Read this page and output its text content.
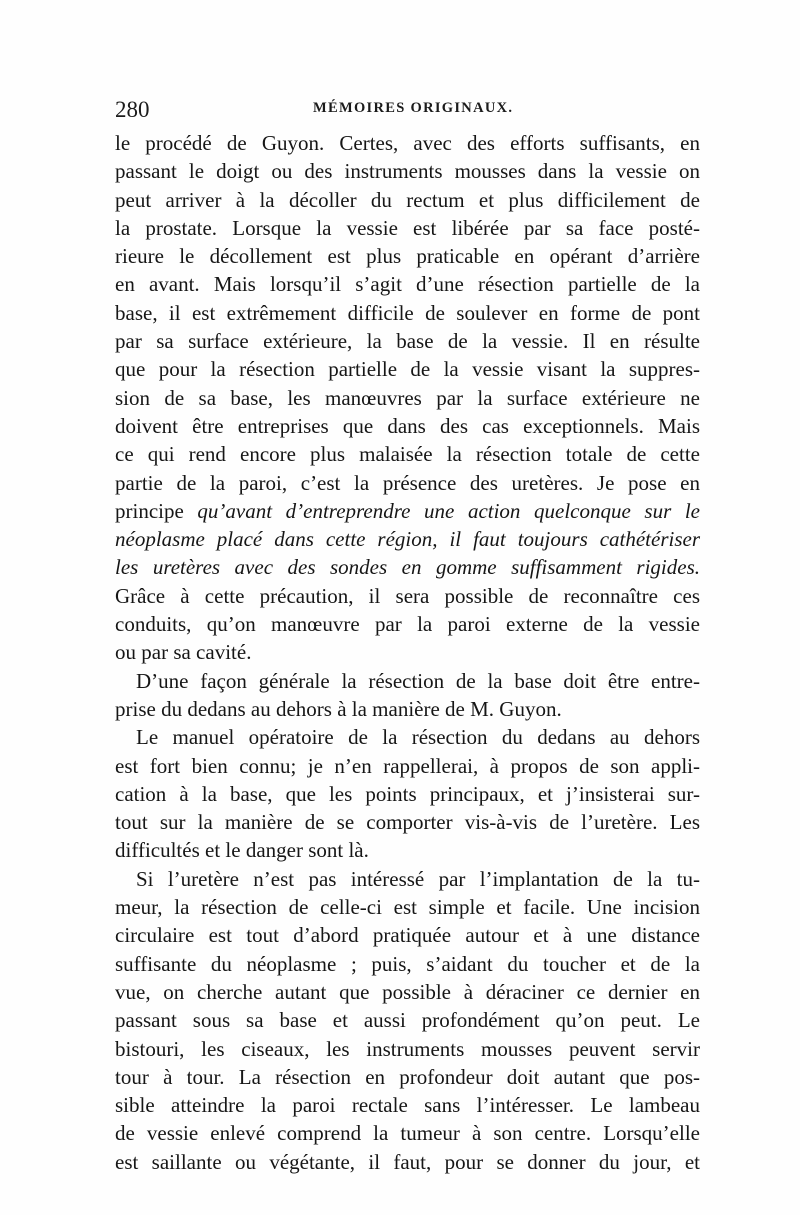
280	MÉMOIRES ORIGINAUX.
le procédé de Guyon. Certes, avec des efforts suffisants, en
passant le doigt ou des instruments mousses dans la vessie on
peut arriver à la décoller du rectum et plus difficilement de
la prostate. Lorsque la vessie est libérée par sa face posté-
rieure le décollement est plus praticable en opérant d’arrière
en avant. Mais lorsqu’il s’agit d’une résection partielle de la
base, il est extrêmement difficile de soulever en forme de pont
par sa surface extérieure, la base de la vessie. Il en résulte
que pour la résection partielle de la vessie visant la suppres-
sion de sa base, les manœuvres par la surface extérieure ne
doivent être entreprises que dans des cas exceptionnels. Mais
ce qui rend encore plus malaisée la résection totale de cette
partie de la paroi, c’est la présence des uretères. Je pose en
principe qu’avant d’entreprendre une action quelconque sur le
néoplasme placé dans cette région, il faut toujours cathétériser
les uretères avec des sondes en gomme suffisamment rigides.
Grâce à cette précaution, il sera possible de reconnaître ces
conduits, qu’on manœuvre par la paroi externe de la vessie
ou par sa cavité.
D’une façon générale la résection de la base doit être entre-
prise du dedans au dehors à la manière de M. Guyon.
Le manuel opératoire de la résection du dedans au dehors
est fort bien connu; je n’en rappellerai, à propos de son appli-
cation à la base, que les points principaux, et j’insisterai sur-
tout sur la manière de se comporter vis-à-vis de l’uretère. Les
difficultés et le danger sont là.
Si l’uretère n’est pas intéressé par l’implantation de la tu-
meur, la résection de celle-ci est simple et facile. Une incision
circulaire est tout d’abord pratiquée autour et à une distance
suffisante du néoplasme ; puis, s’aidant du toucher et de la
vue, on cherche autant que possible à déraciner ce dernier en
passant sous sa base et aussi profondément qu’on peut. Le
bistouri, les ciseaux, les instruments mousses peuvent servir
tour à tour. La résection en profondeur doit autant que pos-
sible atteindre la paroi rectale sans l’intéresser. Le lambeau
de vessie enlevé comprend la tumeur à son centre. Lorsqu’elle
est saillante ou végétante, il faut, pour se donner du jour, et
